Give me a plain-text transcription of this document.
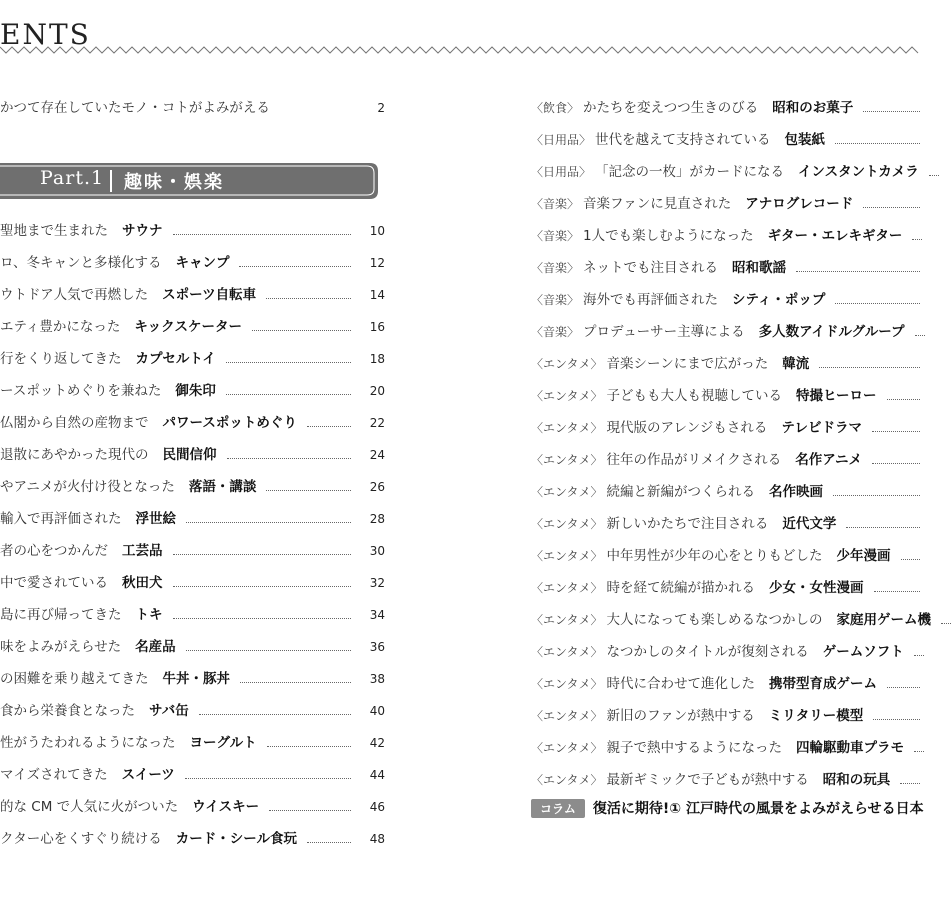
ENTS
かつて存在していたモノ・コトがよみがえる	2
Part.1 趣味・娯楽
聖地まで生まれた サウナ	10
ロ、冬キャンと多様化する キャンプ	12
ウトドア人気で再燃した スポーツ自転車	14
エティ豊かになった キックスケーター	16
行をくり返してきた カプセルトイ	18
ースポットめぐりを兼ねた 御朱印	20
仏閣から自然の産物まで パワースポットめぐり	22
退散にあやかった現代の 民間信仰	24
やアニメが火付け役となった 落語・講談	26
輸入で再評価された 浮世絵	28
者の心をつかんだ 工芸品	30
中で愛されている 秋田犬	32
島に再び帰ってきた トキ	34
味をよみがえらせた 名産品	36
の困難を乗り越えてきた 牛丼・豚丼	38
食から栄養食となった サバ缶	40
性がうたわれるようになった ヨーグルト	42
マイズされてきた スイーツ	44
的な CM で人気に火がついた ウイスキー	46
クター心をくすぐり続ける カード・シール食玩	48
〈飲食〉 かたちを変えつつ生きのびる 昭和のお菓子
〈日用品〉 世代を越えて支持されている 包装紙
〈日用品〉 「記念の一枚」がカードになる インスタントカメラ
〈音楽〉 音楽ファンに見直された アナログレコード
〈音楽〉 1人でも楽しむようになった ギター・エレキギター
〈音楽〉 ネットでも注目される 昭和歌謡
〈音楽〉 海外でも再評価された シティ・ポップ
〈音楽〉 プロデューサー主導による 多人数アイドルグループ
〈エンタメ〉 音楽シーンにまで広がった 韓流
〈エンタメ〉 子どもも大人も視聴している 特撮ヒーロー
〈エンタメ〉 現代版のアレンジもされる テレビドラマ
〈エンタメ〉 往年の作品がリメイクされる 名作アニメ
〈エンタメ〉 続編と新編がつくられる 名作映画
〈エンタメ〉 新しいかたちで注目される 近代文学
〈エンタメ〉 中年男性が少年の心をとりもどした 少年漫画
〈エンタメ〉 時を経て続編が描かれる 少女・女性漫画
〈エンタメ〉 大人になっても楽しめるなつかしの 家庭用ゲーム機
〈エンタメ〉 なつかしのタイトルが復刻される ゲームソフト
〈エンタメ〉 時代に合わせて進化した 携帯型育成ゲーム
〈エンタメ〉 新旧のファンが熱中する ミリタリー模型
〈エンタメ〉 親子で熱中するようになった 四輪駆動車プラモ
〈エンタメ〉 最新ギミックで子どもが熱中する 昭和の玩具
コラム	復活に期待!① 江戸時代の風景をよみがえらせる日本
